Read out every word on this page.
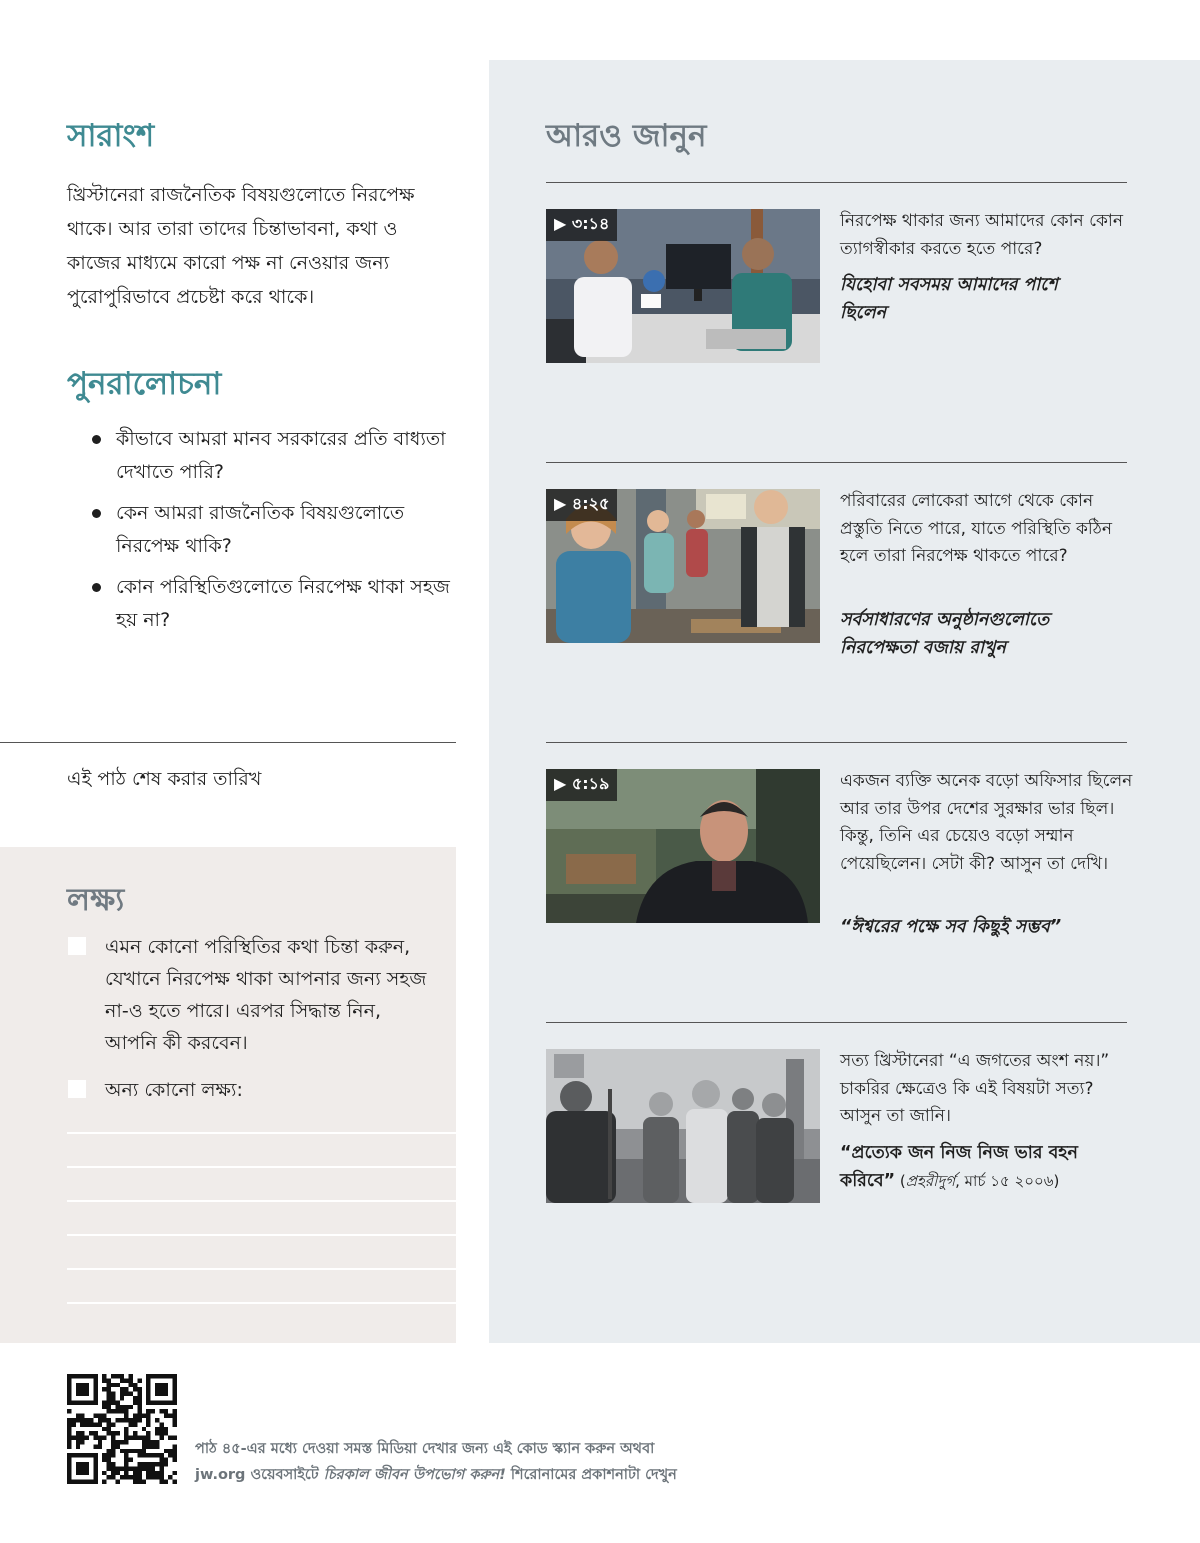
সারাংশ

খ্রিস্টানেরা রাজনৈতিক বিষয়গুলোতে নিরপেক্ষ থাকে। আর তারা তাদের চিন্তাভাবনা, কথা ও কাজের মাধ্যমে কারো পক্ষ না নেওয়ার জন্য পুরোপুরিভাবে প্রচেষ্টা করে থাকে।

পুনরালোচনা
কীভাবে আমরা মানব সরকারের প্রতি বাধ্যতা দেখাতে পারি?
কেন আমরা রাজনৈতিক বিষয়গুলোতে নিরপেক্ষ থাকি?
কোন পরিস্থিতিগুলোতে নিরপেক্ষ থাকা সহজ হয় না?

এই পাঠ শেষ করার তারিখ

লক্ষ্য
এমন কোনো পরিস্থিতির কথা চিন্তা করুন, যেখানে নিরপেক্ষ থাকা আপনার জন্য সহজ না-ও হতে পারে। এরপর সিদ্ধান্ত নিন, আপনি কী করবেন।
অন্য কোনো লক্ষ্য:
আরও জানুন
▶ ৩:১৪	নিরপেক্ষ থাকার জন্য আমাদের কোন কোন ত্যাগস্বীকার করতে হতে পারে?

যিহোবা সবসময় আমাদের পাশে ছিলেন

▶ ৪:২৫	পরিবারের লোকেরা আগে থেকে কোন প্রস্তুতি নিতে পারে, যাতে পরিস্থিতি কঠিন হলে তারা নিরপেক্ষ থাকতে পারে?

সর্বসাধারণের অনুষ্ঠানগুলোতে নিরপেক্ষতা বজায় রাখুন

▶ ৫:১৯	একজন ব্যক্তি অনেক বড়ো অফিসার ছিলেন আর তার উপর দেশের সুরক্ষার ভার ছিল। কিন্তু, তিনি এর চেয়েও বড়ো সম্মান পেয়েছিলেন। সেটা কী? আসুন তা দেখি।

“ঈশ্বরের পক্ষে সব কিছুই সম্ভব”

সত্য খ্রিস্টানেরা “এ জগতের অংশ নয়।” চাকরির ক্ষেত্রেও কি এই বিষয়টা সত্য? আসুন তা জানি।

“প্রত্যেক জন নিজ নিজ ভার বহন করিবে” (প্রহরীদুর্গ, মার্চ ১৫ ২০০৬)

পাঠ ৪৫-এর মধ্যে দেওয়া সমস্ত মিডিয়া দেখার জন্য এই কোড স্ক্যান করুন অথবা
jw.org ওয়েবসাইটে চিরকাল জীবন উপভোগ করুন! শিরোনামের প্রকাশনাটা দেখুন
